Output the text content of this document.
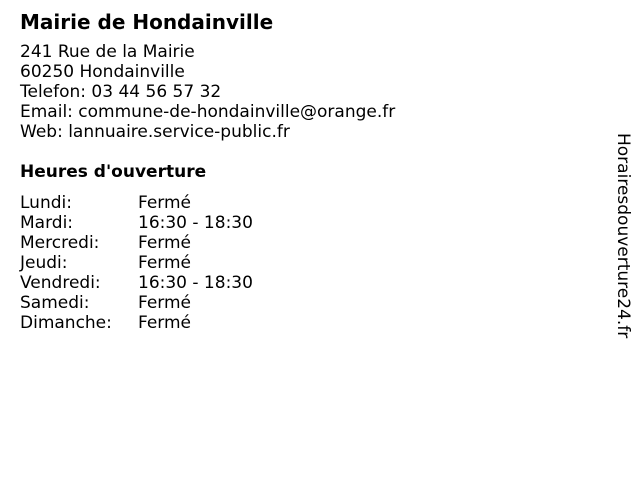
Mairie de Hondainville
241 Rue de la Mairie
60250 Hondainville
Telefon: 03 44 56 57 32
Email: commune-de-hondainville@orange.fr
Web: lannuaire.service-public.fr
Heures d'ouverture
Lundi:	Fermé
Mardi:	16:30 - 18:30
Mercredi:	Fermé
Jeudi:	Fermé
Vendredi:	16:30 - 18:30
Samedi:	Fermé
Dimanche:	Fermé	Horairesdouverture24.fr
